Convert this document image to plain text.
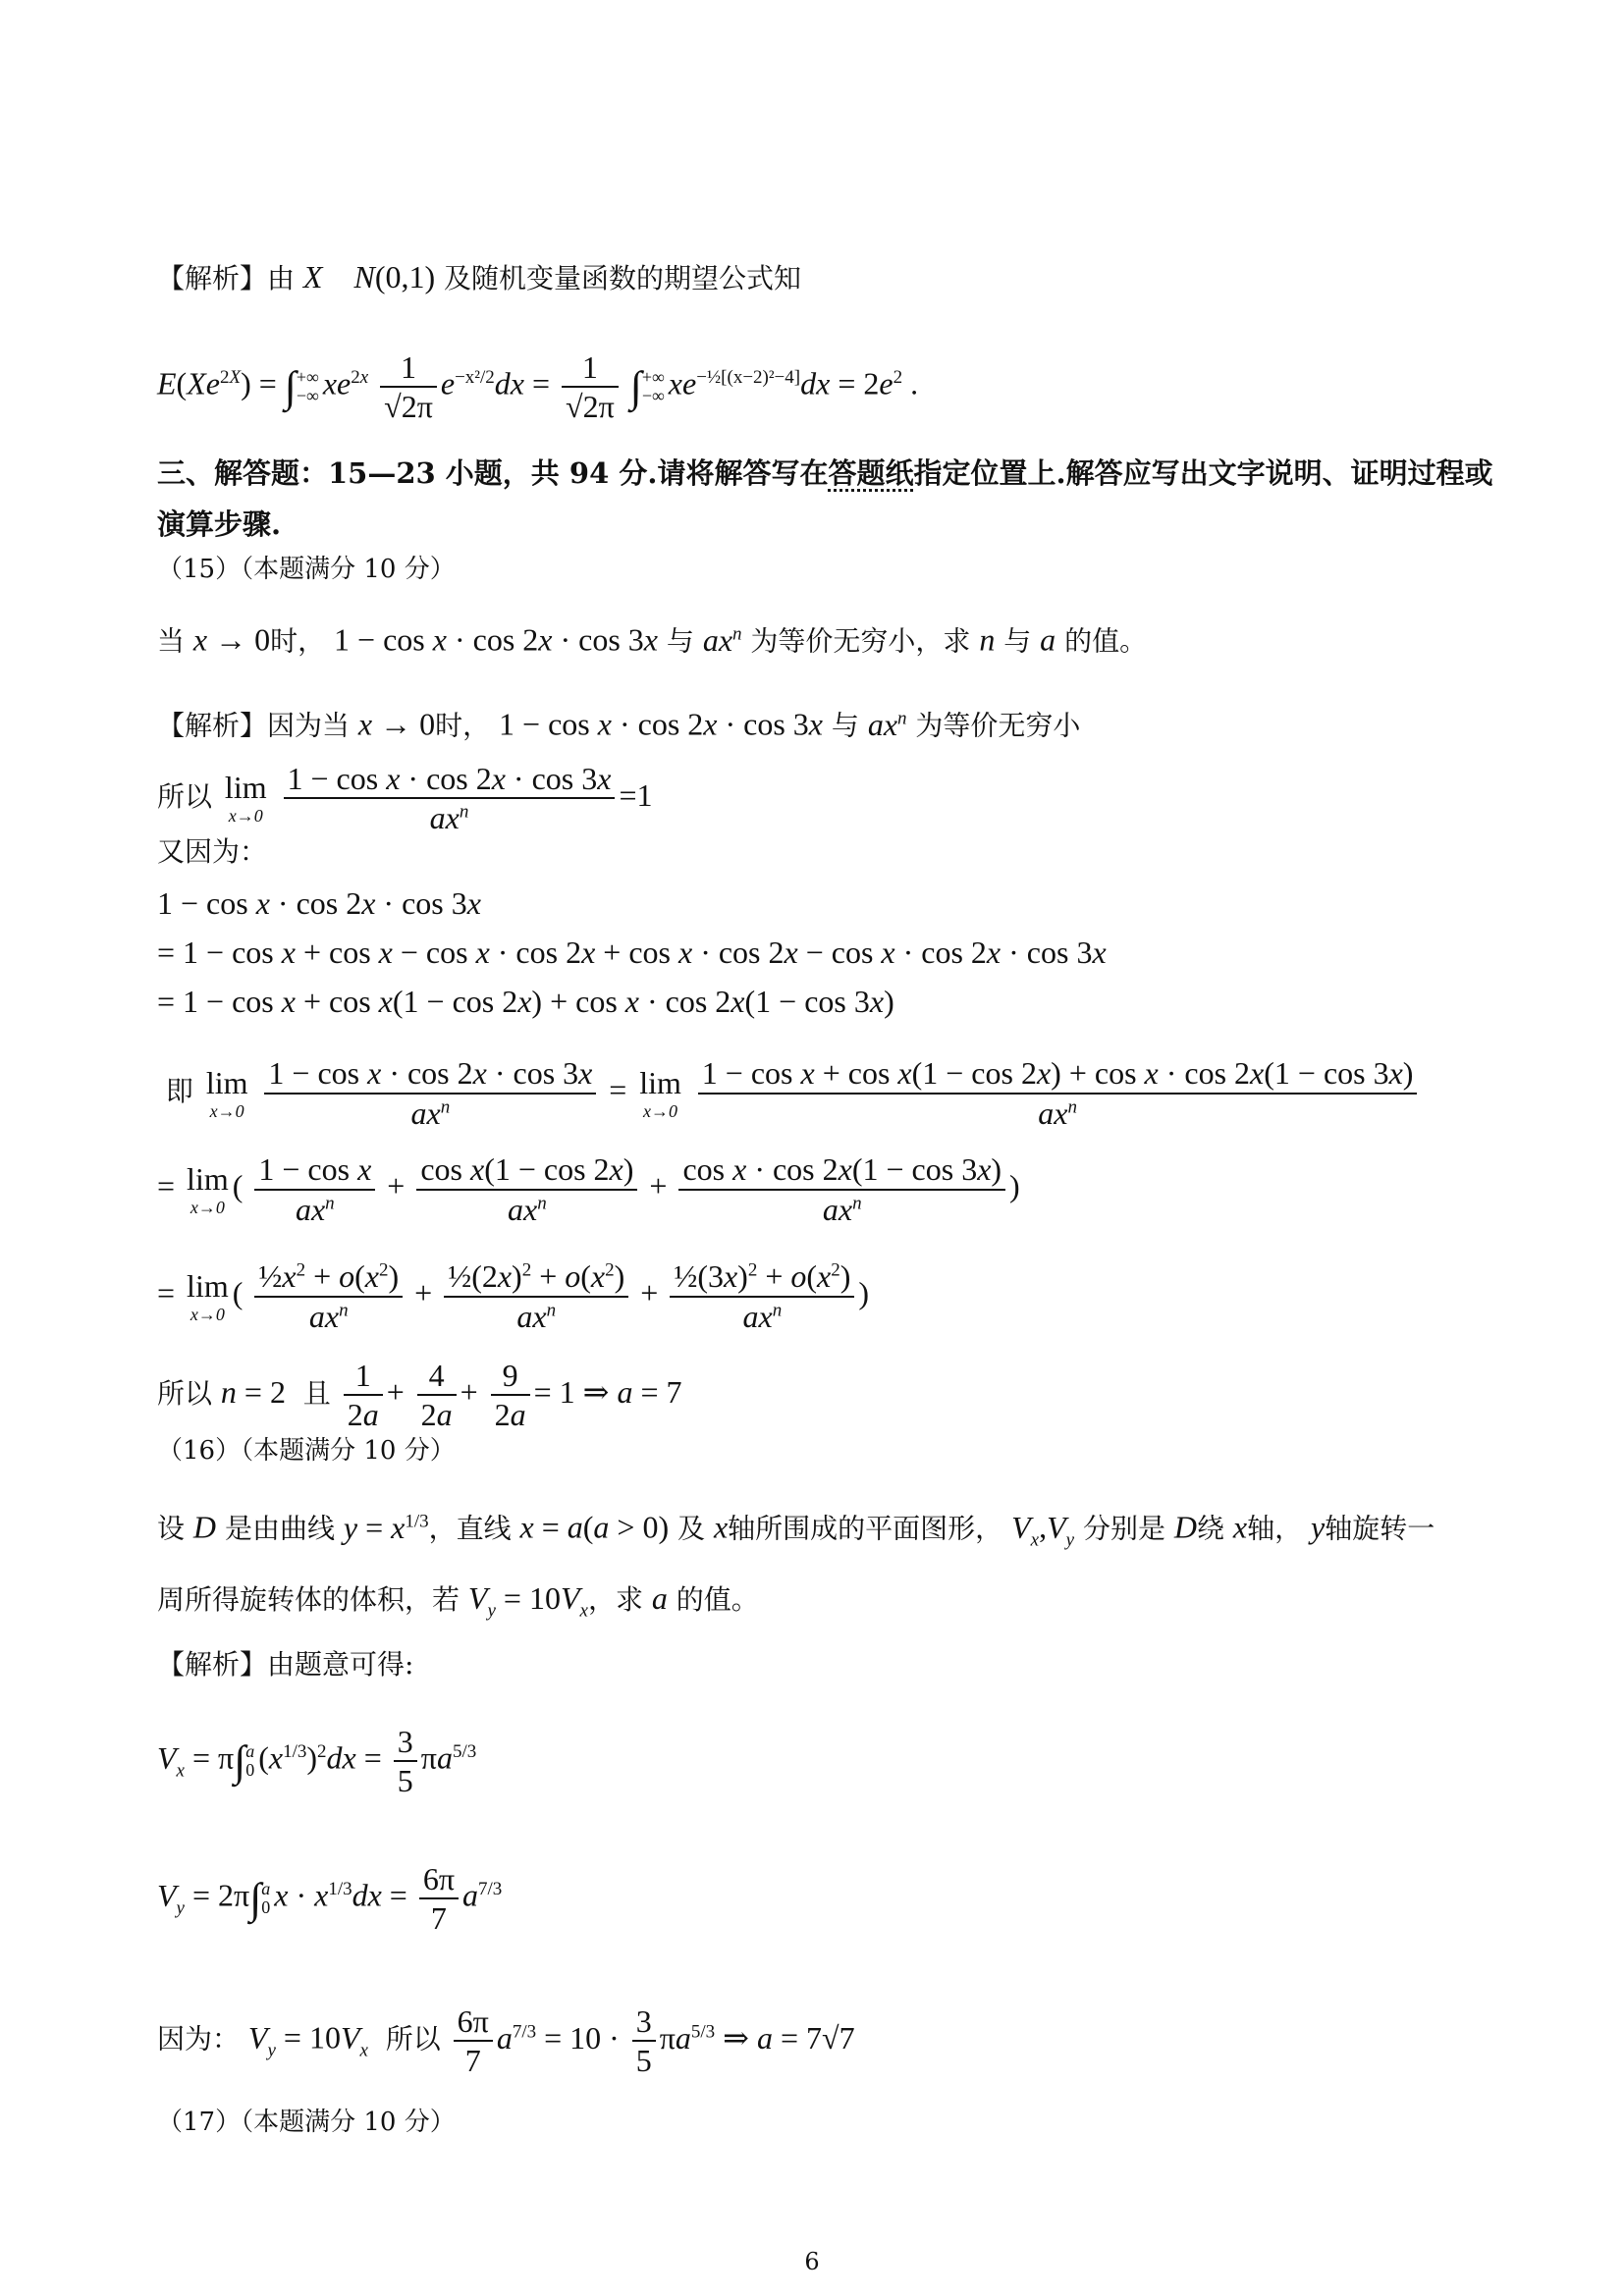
【解析】由 X N(0,1) 及随机变量函数的期望公式知
$E(Xe^{2X})$ = ∫ +∞
−∞ $xe^{2x} \frac{1}{√2\pi} e^{-x^2/2}dx = \frac{1}{√2\pi}$ ∫ +∞
−∞ $xe^{-\frac{1}{2}[(x-2)^2-4]}dx = 2e^2$ .
三、解答题：15—23 小题，共 94 分.请将解答写在答题纸指定位置上.解答应写出文字说明、证明过程或
演算步骤.
（15）（本题满分 10 分）
当 x → 0时， 1 − cos x · cos 2x · cos 3x 与 $ax^n$ 为等价无穷小，求 n 与 a 的值。
【解析】因为当 x → 0时， 1 − cos x · cos 2x · cos 3x 与 $ax^n$ 为等价无穷小
所以 lim
x→0
$\frac{\text{1 − cos x · cos 2x · cos 3x}}{ax^n} =1$
又因为：
1 − cos x · cos 2x · cos 3x
= 1 − cos x + cos x − cos x · cos 2x + cos x · cos 2x − cos x · cos 2x · cos 3x
= 1 − cos x + cos x(1 − cos 2x) + cos x · cos 2x(1 − cos 3x)
即 lim
x→0
$\frac{\text{1 − cos x · cos 2x · cos 3x}}{ax^n} = \lim$
x→0
$\frac{\text{1 − cos x + cos x(1 − cos 2x) + cos x · cos 2x(1 − cos 3x)}}{ax^n}$
= lim
x→0
( $\frac{\text{1 − cos x}}{ax^n} + \frac{\text{cos x(1 − cos 2x)}}{ax^n} + \frac{\text{cos x · cos 2x(1 − cos 3x)}}{ax^n}$ )
= lim
x→0
( $\frac{\frac{1}{2}x^2 + o(x^2)}{ax^n} + \frac{\frac{1}{2}(2x)^2 + o(x^2)}{ax^n} + \frac{\frac{1}{2}(3x)^2 + o(x^2)}{ax^n}$ )
所以 n = 2 且 $\frac{1}{2a} + \frac{4}{2a} + \frac{9}{2a} = 1$ ⇒ a = 7
（16）（本题满分 10 分）
设 D 是由曲线 $y = x^{1/3}$，直线 x = a(a > 0) 及 x轴所围成的平面图形， $V_x,V_y$ 分别是 D绕 x轴， y轴旋转一
周所得旋转体的体积，若 $V_y = 10V_x$，求 a 的值。
【解析】由题意可得:
$V_x = \pi\int$ a
0 $(x^{1/3})^2dx = \frac{3}{5} \pi a^{5/3}$
$V_y = 2\pi\int$ a
0 $x \cdot x^{1/3}dx = \frac{6\pi}{7} a^{7/3}$
因为： $V_y = 10V_x$ 所以 $\frac{6\pi}{7} a^{7/3} = 10 \cdot \frac{3}{5} \pi a^{5/3}$ ⇒ a = 7√7
（17）（本题满分 10 分）
6
